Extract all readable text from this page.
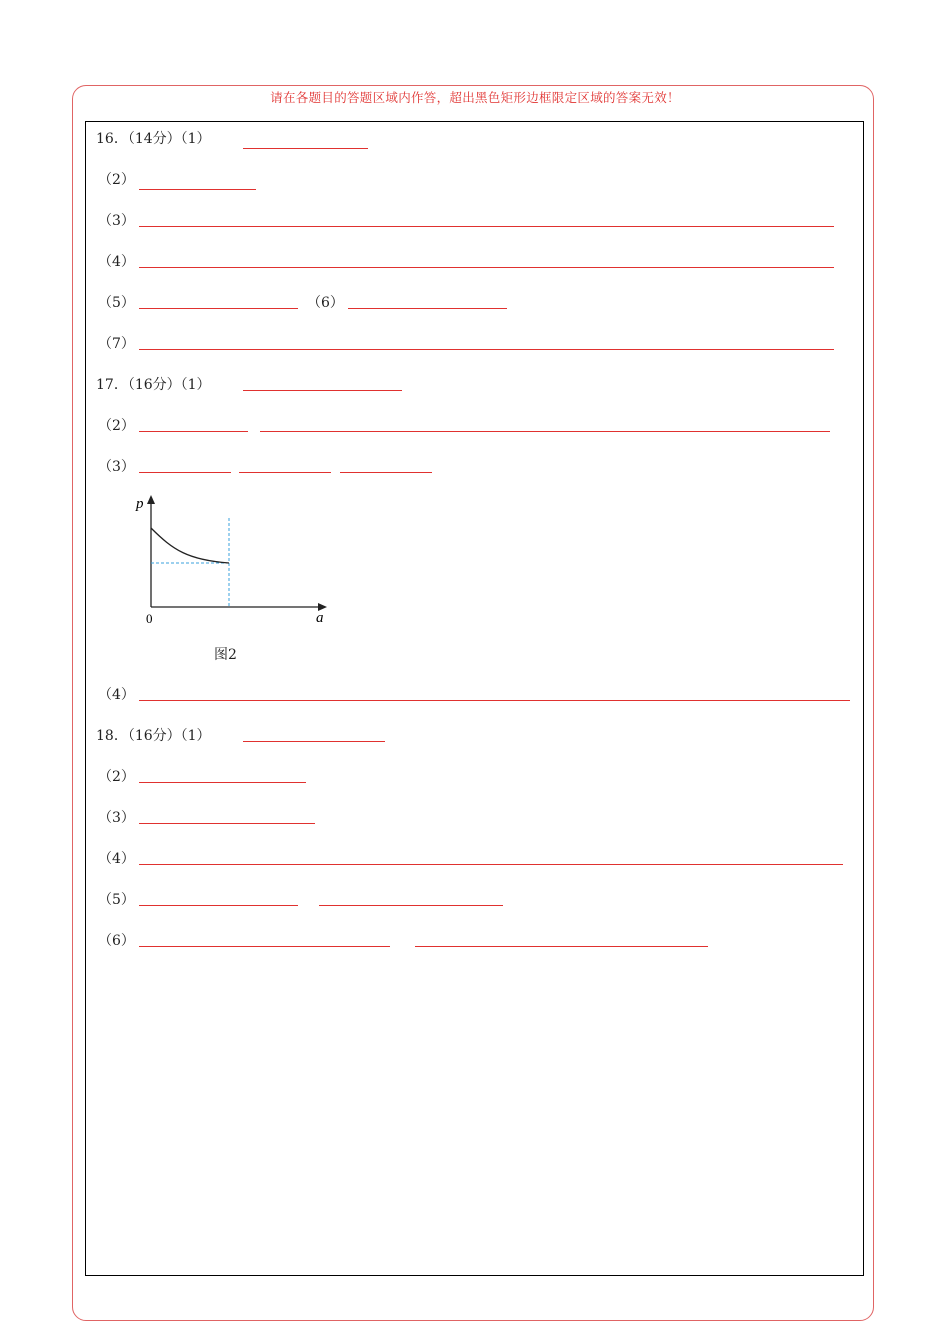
请在各题目的答题区域内作答，超出黑色矩形边框限定区域的答案无效！
16．（14分）（1）
（2）
（3）
（4）
（5）	（6）
（7）
17．（16分）（1）
（2）
（3）
p
a
0
图2
（4）
18．（16分）（1）
（2）
（3）
（4）
（5）
（6）
